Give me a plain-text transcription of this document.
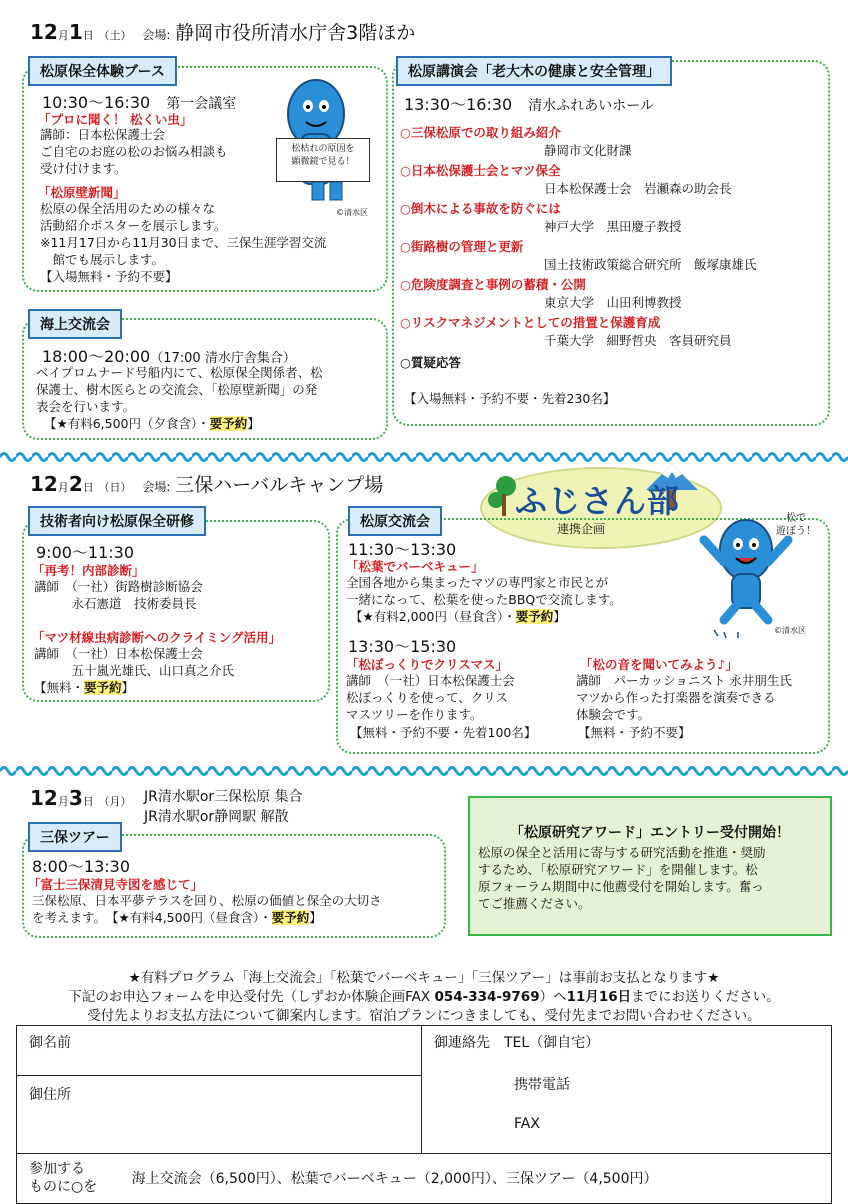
12月1日 （土） 会場: 静岡市役所清水庁舎3階ほか
松原保全体験ブース
10:30～16:30　 第一会議室
「プロに聞く！ 松くい虫」
講師：日本松保護士会
ご自宅のお庭の松のお悩み相談も
受け付けます。
「松原壁新聞」
松原の保全活用のための様々な
活動紹介ポスターを展示します。
※11月17日から11月30日まで、三保生涯学習交流
　館でも展示します。
【入場無料・予約不要】
松枯れの原因を
顕微鏡で見る！
©清水区
海上交流会
18:00～20:00（17:00 清水庁舎集合）
ベイプロムナード号船内にて、松原保全関係者、松
保護士、樹木医らとの交流会、「松原壁新聞」の発
表会を行います。
【★有料6,500円（夕食含）・要予約】
松原講演会「老大木の健康と安全管理」
13:30～16:30　 清水ふれあいホール
○三保松原での取り組み紹介
静岡市文化財課
○日本松保護士会とマツ保全
日本松保護士会　岩瀬森の助会長
○倒木による事故を防ぐには
神戸大学　黒田慶子教授
○街路樹の管理と更新
国土技術政策総合研究所　飯塚康雄氏
○危険度調査と事例の蓄積・公開
東京大学　山田利博教授
○リスクマネジメントとしての措置と保護育成
千葉大学　細野哲央　客員研究員
○質疑応答
【入場無料・予約不要・先着230名】
12月2日 （日） 会場: 三保ハーバルキャンプ場	ふじさん部
連携企画
技術者向け松原保全研修
9:00～11:30
「再考！内部診断」
講師　（一社）街路樹診断協会
　　　永石憲道　技術委員長
「マツ材線虫病診断へのクライミング活用」
講師　（一社）日本松保護士会
　　　五十嵐光雄氏、山口真之介氏
【無料・要予約】
松原交流会
11:30～13:30
「松葉でバーベキュー」
全国各地から集まったマツの専門家と市民とが
一緒になって、松葉を使ったBBQで交流します。
【★有料2,000円（昼食含）・要予約】
13:30～15:30
「松ぼっくりでクリスマス」
講師　（一社）日本松保護士会
松ぼっくりを使って、クリス
マスツリーを作ります。
【無料・予約不要・先着100名】
「松の音を聞いてみよう♪」
講師　パーカッショニスト 永井朋生氏
マツから作った打楽器を演奏できる
体験会です。
【無料・予約不要】
松で
遊ぼう！
©清水区
12月3日 （月） JR清水駅or三保松原 集合
JR清水駅or静岡駅 解散
三保ツアー
8:00～13:30
「富士三保清見寺図を感じて」
三保松原、日本平夢テラスを回り、松原の価値と保全の大切さ
を考えます。　 【★有料4,500円（昼食含）・要予約】
「松原研究アワード」エントリー受付開始！
松原の保全と活用に寄与する研究活動を推進・奨励
するため、「松原研究アワード」を開催します。松
原フォーラム期間中に他薦受付を開始します。奮っ
てご推薦ください。
★有料プログラム「海上交流会」「松葉でバーベキュー」「三保ツアー」は事前お支払となります★
下記のお申込フォームを申込受付先（しずおか体験企画FAX 054-334-9769）へ11月16日までにお送りください。
受付先よりお支払方法について御案内します。宿泊プランにつきましても、受付先までお問い合わせください。
御名前	御連絡先　TEL（御自宅）
携帯電話
FAX

御住所

参加する
ものに○を 海上交流会（6,500円）、松葉でバーベキュー（2,000円）、三保ツアー（4,500円）
